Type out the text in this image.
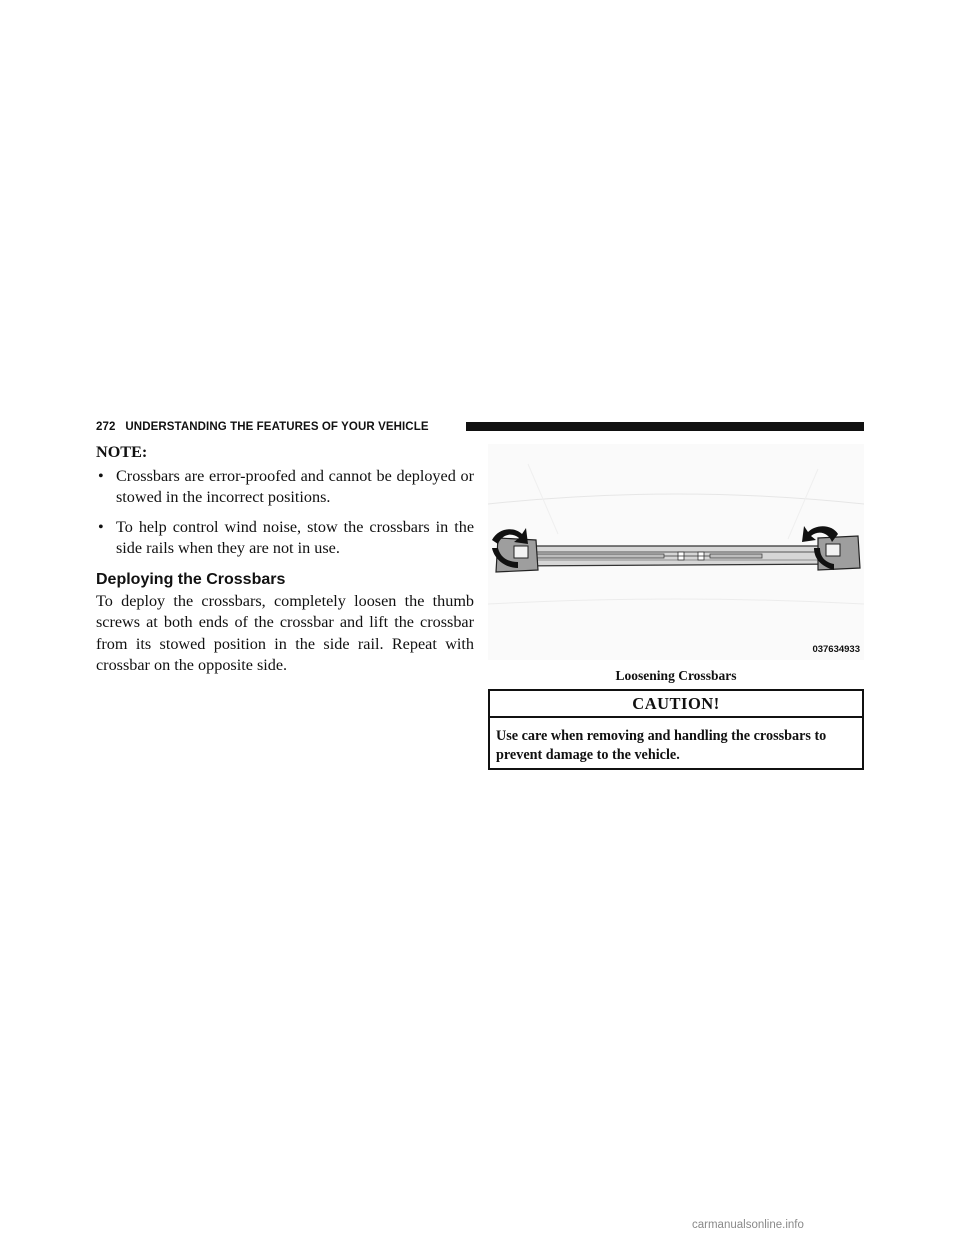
272 UNDERSTANDING THE FEATURES OF YOUR VEHICLE
NOTE:
• Crossbars are error-proofed and cannot be deployed or stowed in the incorrect positions.
• To help control wind noise, stow the crossbars in the side rails when they are not in use.
Deploying the Crossbars

To deploy the crossbars, completely loosen the thumb screws at both ends of the crossbar and lift the crossbar from its stowed position in the side rail. Repeat with crossbar on the opposite side.

037634933
Loosening Crossbars
CAUTION!
Use care when removing and handling the crossbars to prevent damage to the vehicle.
carmanualsonline.info
